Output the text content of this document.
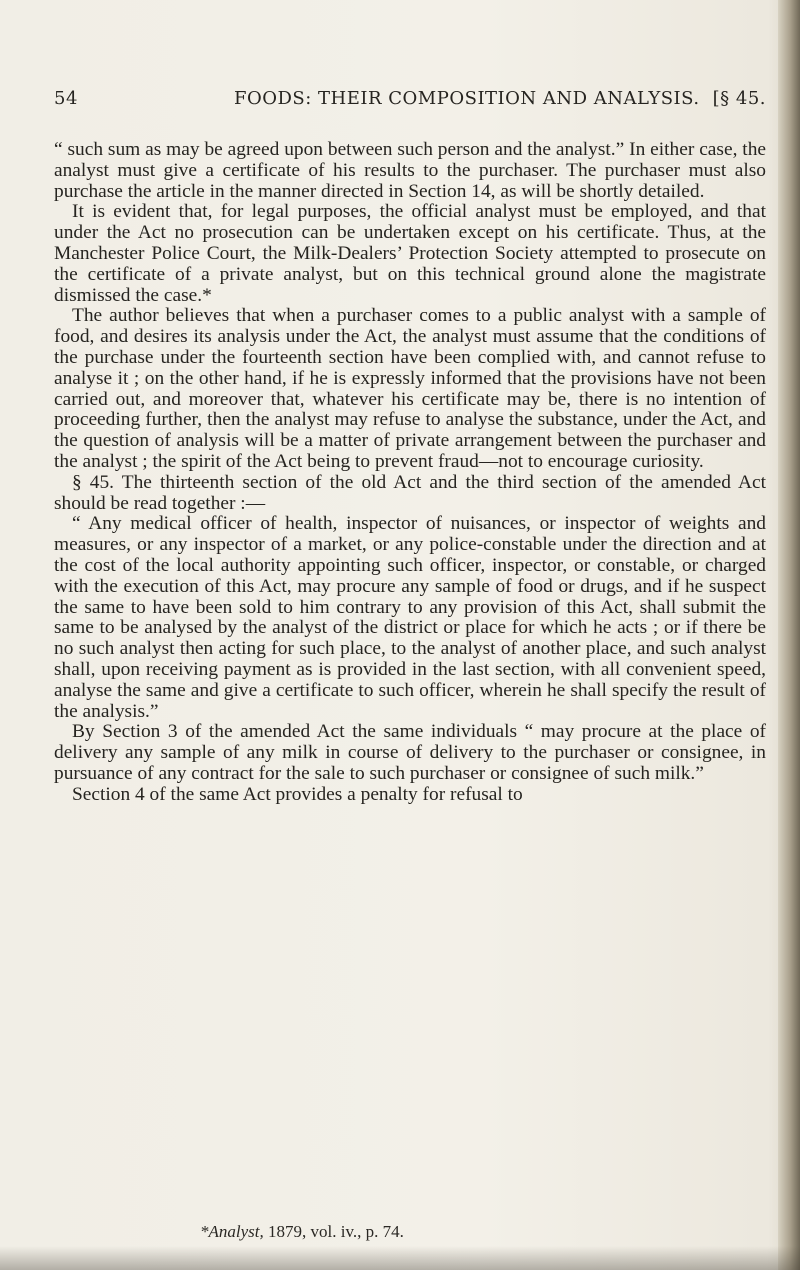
54	FOODS: THEIR COMPOSITION AND ANALYSIS. [§ 45.

“ such sum as may be agreed upon between such person and the analyst.” In either case, the analyst must give a certificate of his results to the purchaser. The purchaser must also purchase the article in the manner directed in Section 14, as will be shortly detailed.

It is evident that, for legal purposes, the official analyst must be employed, and that under the Act no prosecution can be undertaken except on his certificate. Thus, at the Manchester Police Court, the Milk-Dealers’ Protection Society attempted to prosecute on the certificate of a private analyst, but on this technical ground alone the magistrate dismissed the case.*

The author believes that when a purchaser comes to a public analyst with a sample of food, and desires its analysis under the Act, the analyst must assume that the conditions of the purchase under the fourteenth section have been complied with, and cannot refuse to analyse it ; on the other hand, if he is expressly informed that the provisions have not been carried out, and moreover that, whatever his certificate may be, there is no intention of proceeding further, then the analyst may refuse to analyse the substance, under the Act, and the question of analysis will be a matter of private arrangement between the purchaser and the analyst ; the spirit of the Act being to prevent fraud—not to encourage curiosity.

§ 45. The thirteenth section of the old Act and the third section of the amended Act should be read together :—

“ Any medical officer of health, inspector of nuisances, or inspector of weights and measures, or any inspector of a market, or any police-constable under the direction and at the cost of the local authority appointing such officer, inspector, or constable, or charged with the execution of this Act, may procure any sample of food or drugs, and if he suspect the same to have been sold to him contrary to any provision of this Act, shall submit the same to be analysed by the analyst of the district or place for which he acts ; or if there be no such analyst then acting for such place, to the analyst of another place, and such analyst shall, upon receiving payment as is provided in the last section, with all convenient speed, analyse the same and give a certificate to such officer, wherein he shall specify the result of the analysis.”

By Section 3 of the amended Act the same individuals “ may procure at the place of delivery any sample of any milk in course of delivery to the purchaser or consignee, in pursuance of any contract for the sale to such purchaser or consignee of such milk.”

Section 4 of the same Act provides a penalty for refusal to

*Analyst, 1879, vol. iv., p. 74.
